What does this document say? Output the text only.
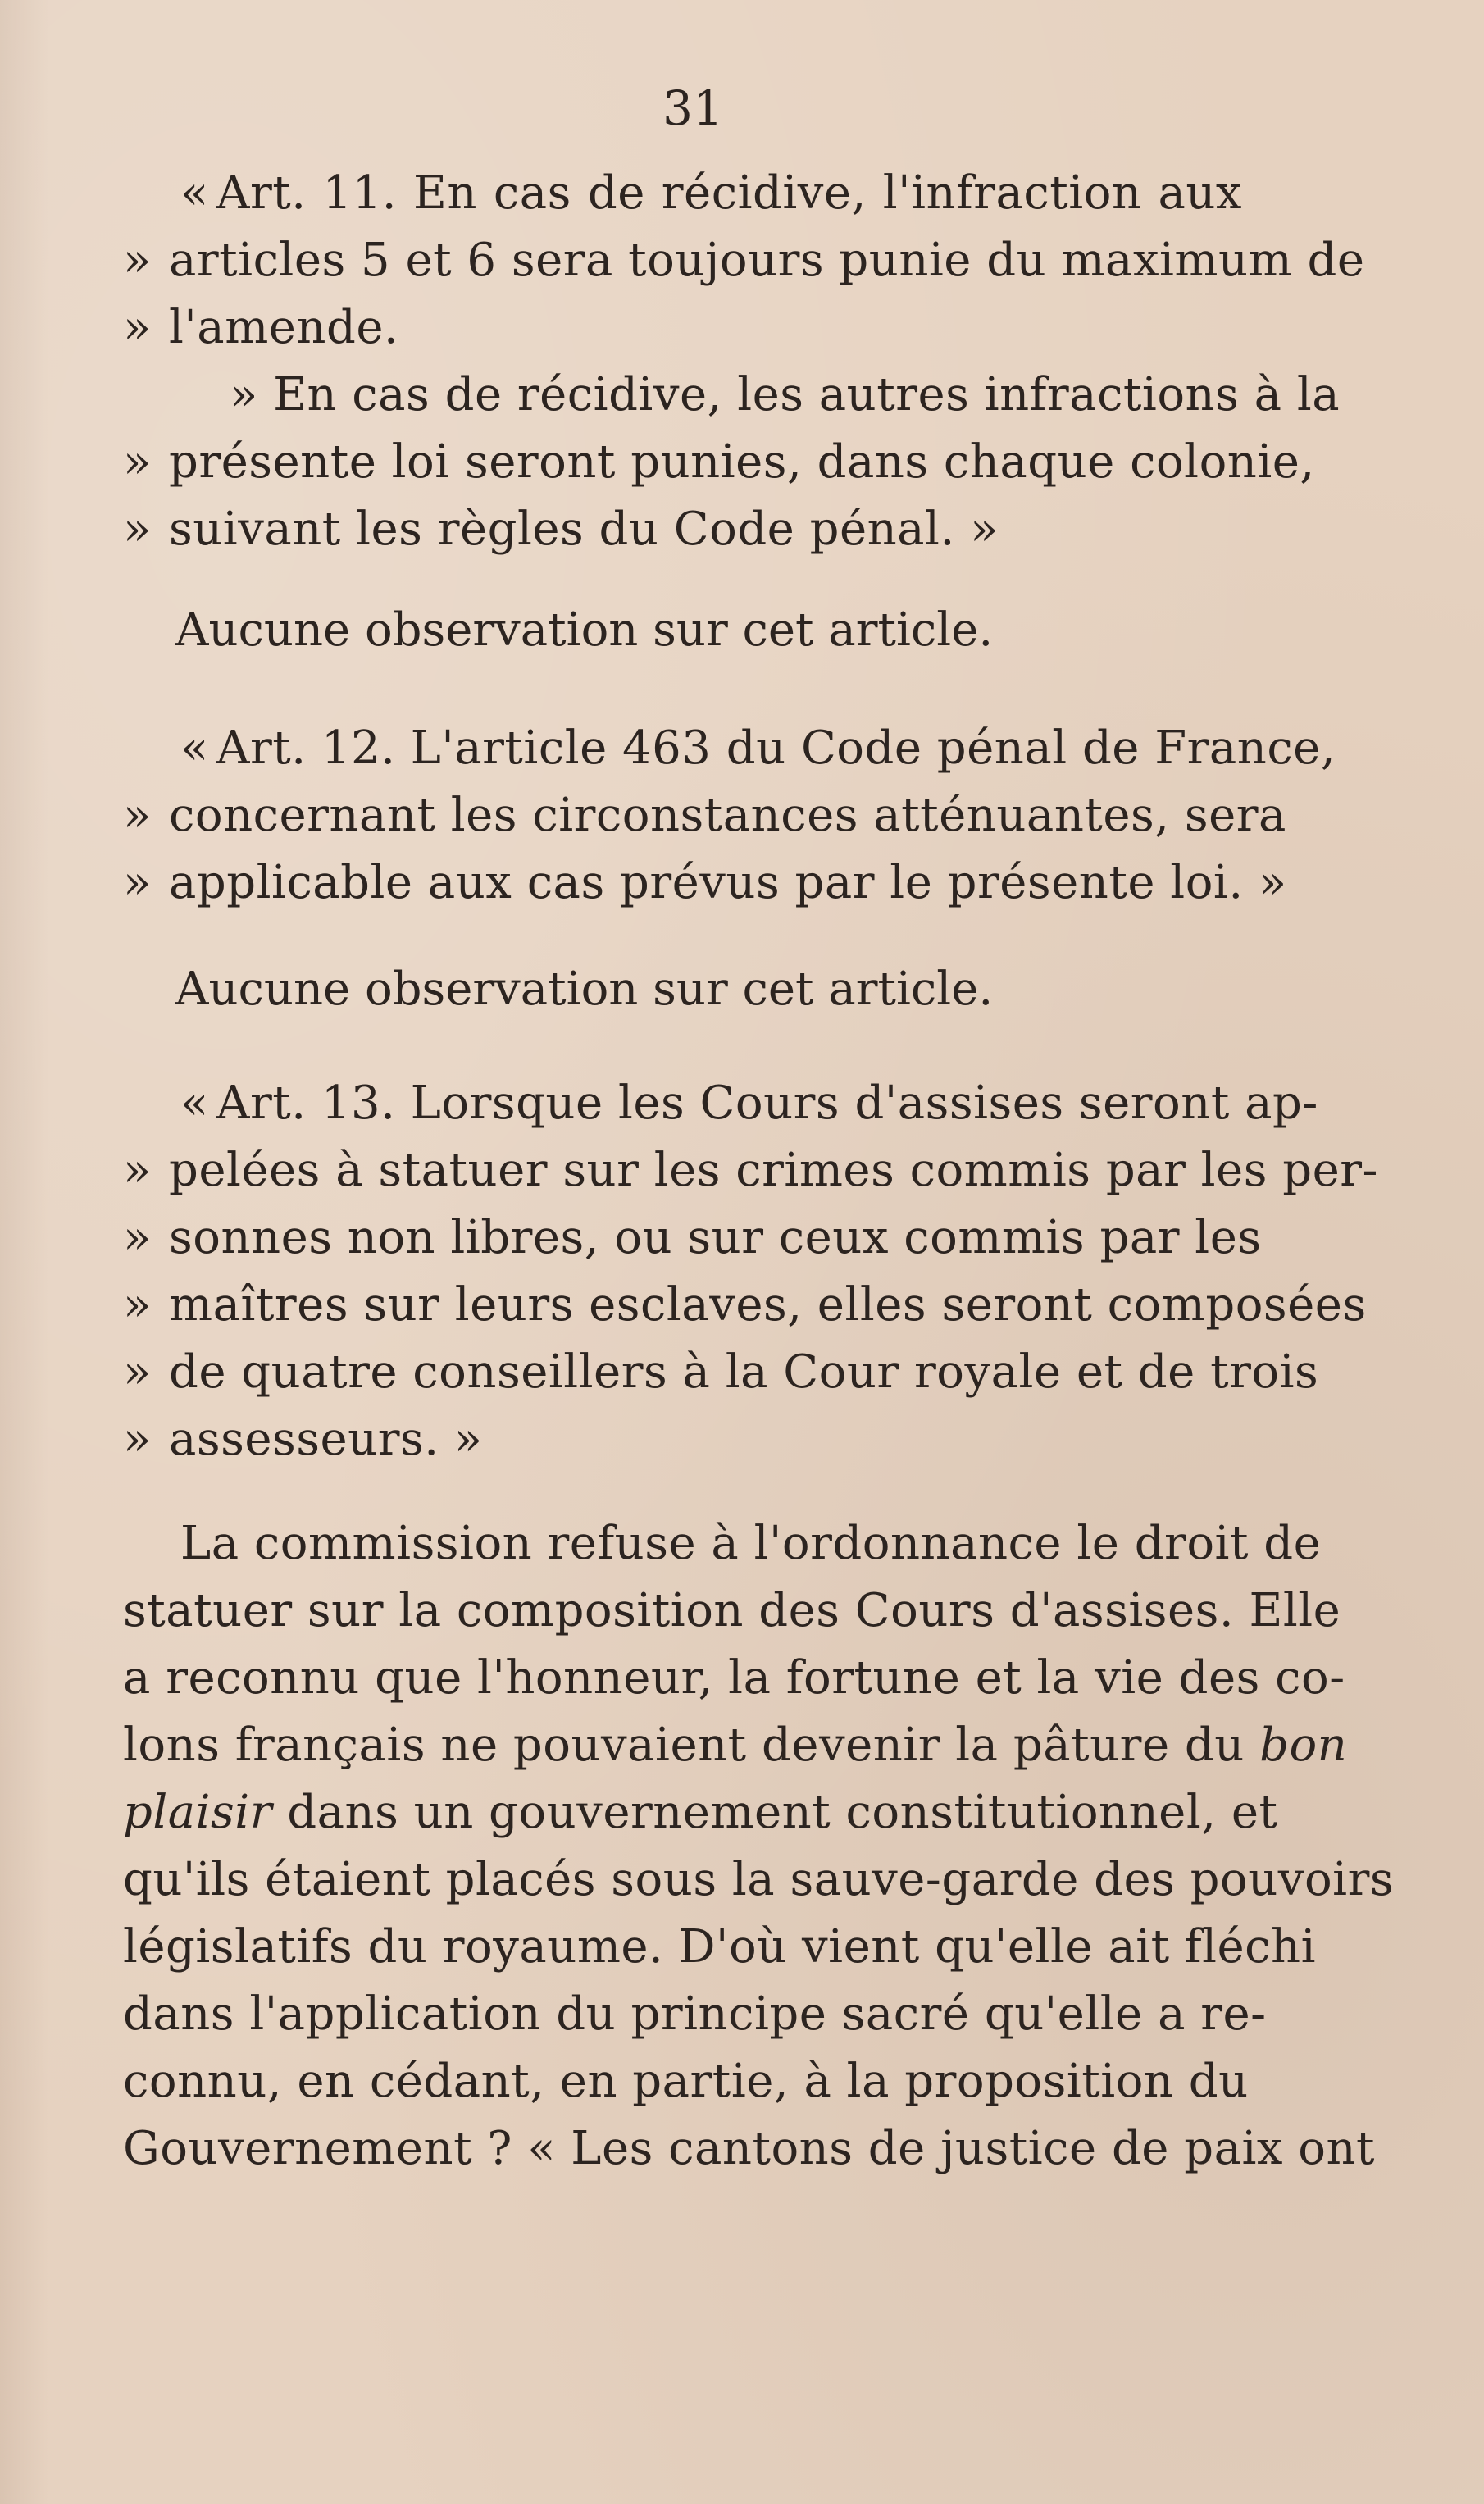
31
« Art. 11. En cas de récidive, l'infraction aux
» articles 5 et 6 sera toujours punie du maximum de
» l'amende.
» En cas de récidive, les autres infractions à la
» présente loi seront punies, dans chaque colonie,
» suivant les règles du Code pénal. »
Aucune observation sur cet article.
« Art. 12. L'article 463 du Code pénal de France,
» concernant les circonstances atténuantes, sera
» applicable aux cas prévus par le présente loi. »
Aucune observation sur cet article.
« Art. 13. Lorsque les Cours d'assises seront ap-
» pelées à statuer sur les crimes commis par les per-
» sonnes non libres, ou sur ceux commis par les
» maîtres sur leurs esclaves, elles seront composées
» de quatre conseillers à la Cour royale et de trois
» assesseurs. »
La commission refuse à l'ordonnance le droit de
statuer sur la composition des Cours d'assises. Elle
a reconnu que l'honneur, la fortune et la vie des co-
lons français ne pouvaient devenir la pâture du bon
plaisir dans un gouvernement constitutionnel, et
qu'ils étaient placés sous la sauve-garde des pouvoirs
législatifs du royaume. D'où vient qu'elle ait fléchi
dans l'application du principe sacré qu'elle a re-
connu, en cédant, en partie, à la proposition du
Gouvernement ? « Les cantons de justice de paix ont
